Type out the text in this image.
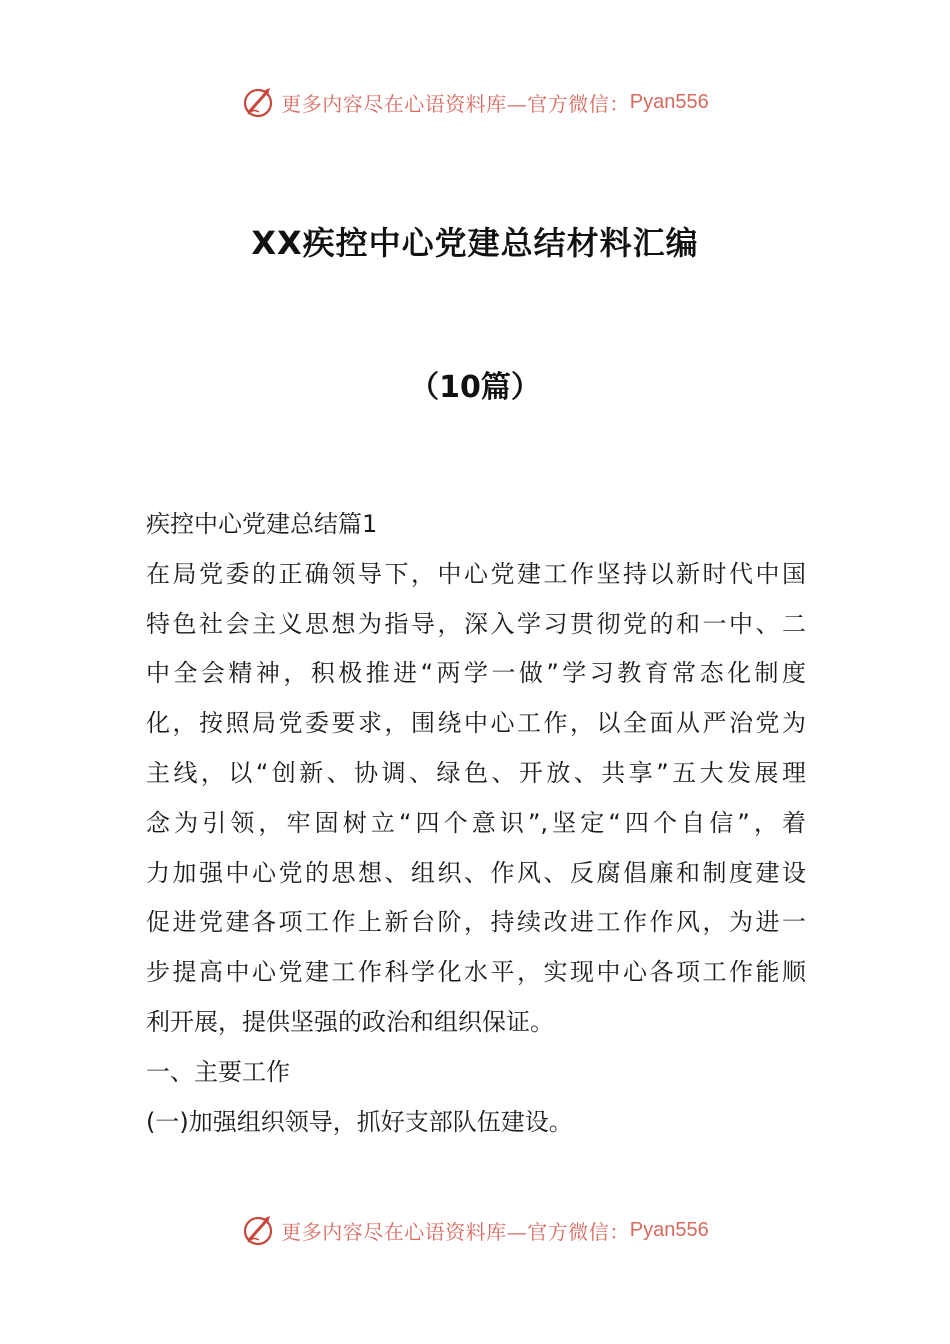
更多内容尽在心语资料库—官方微信： Pyan556
XX疾控中心党建总结材料汇编
（10篇）
疾控中心党建总结篇1
在局党委的正确领导下，中心党建工作坚持以新时代中国
特色社会主义思想为指导，深入学习贯彻党的和一中、二
中全会精神，积极推进“两学一做”学习教育常态化制度
化，按照局党委要求，围绕中心工作，以全面从严治党为
主线，以“创新、协调、绿色、开放、共享”五大发展理
念为引领，牢固树立“四个意识”,坚定“四个自信”，着
力加强中心党的思想、组织、作风、反腐倡廉和制度建设
促进党建各项工作上新台阶，持续改进工作作风，为进一
步提高中心党建工作科学化水平，实现中心各项工作能顺
利开展，提供坚强的政治和组织保证。
一、主要工作
(一)加强组织领导，抓好支部队伍建设。
更多内容尽在心语资料库—官方微信： Pyan556
